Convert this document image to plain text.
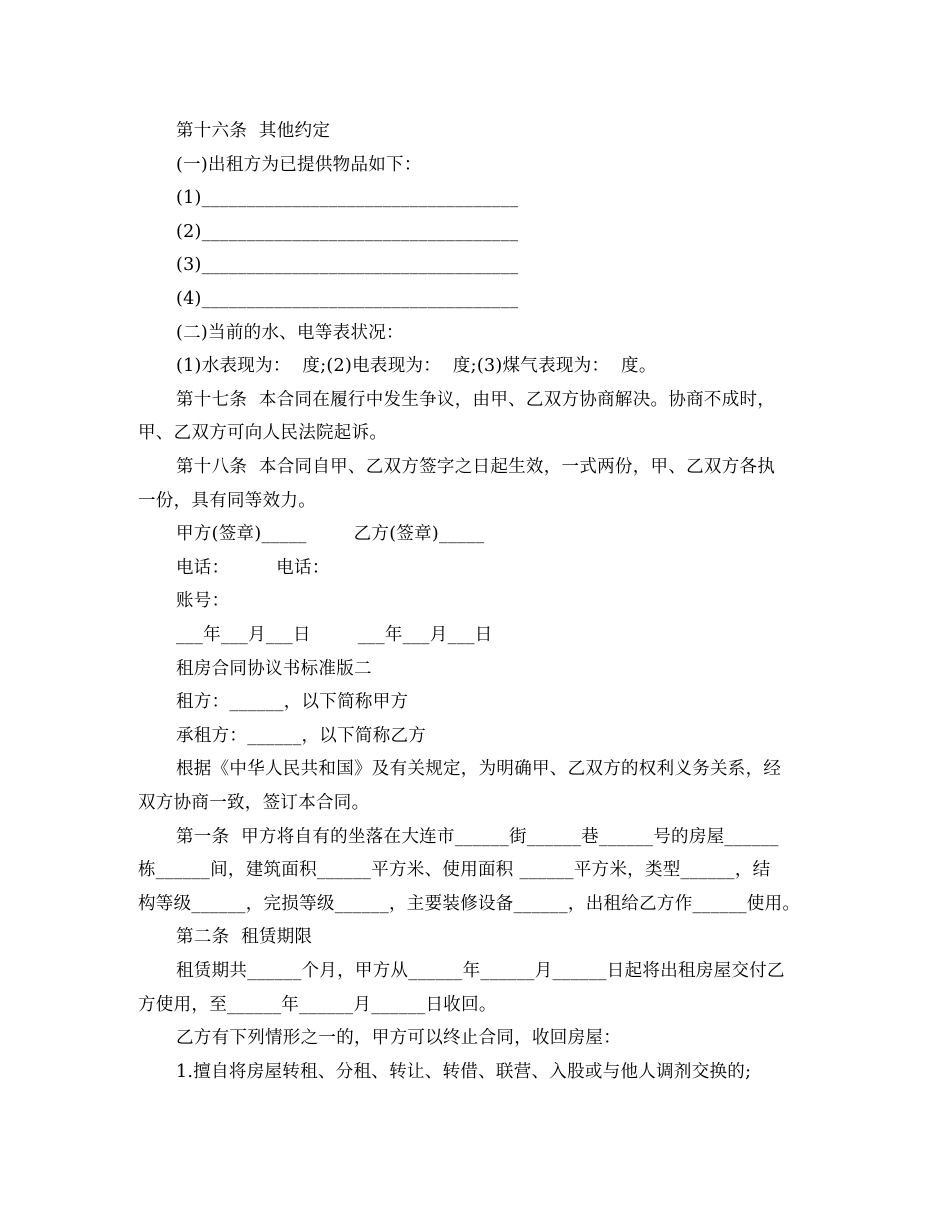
第十六条  其他约定
(一)出租方为已提供物品如下：
(1)___________________________________
(2)___________________________________
(3)___________________________________
(4)___________________________________
(二)当前的水、电等表状况：
(1)水表现为：  度;(2)电表现为：  度;(3)煤气表现为：  度。
第十七条  本合同在履行中发生争议，由甲、乙双方协商解决。协商不成时，
甲、乙双方可向人民法院起诉。
第十八条  本合同自甲、乙双方签字之日起生效，一式两份，甲、乙双方各执
一份，具有同等效力。
甲方(签章)_____        乙方(签章)_____
电话：        电话：
账号：
___年___月___日        ___年___月___日
租房合同协议书标准版二
租方：______，以下简称甲方
承租方：______，以下简称乙方
根据《中华人民共和国》及有关规定，为明确甲、乙双方的权利义务关系，经
双方协商一致，签订本合同。
第一条  甲方将自有的坐落在大连市______街______巷______号的房屋______
栋______间，建筑面积______平方米、使用面积 ______平方米，类型______，结
构等级______，完损等级______，主要装修设备______，出租给乙方作______使用。
第二条  租赁期限
租赁期共______个月，甲方从______年______月______日起将出租房屋交付乙
方使用，至______年______月______日收回。
乙方有下列情形之一的，甲方可以终止合同，收回房屋：
1.擅自将房屋转租、分租、转让、转借、联营、入股或与他人调剂交换的;
